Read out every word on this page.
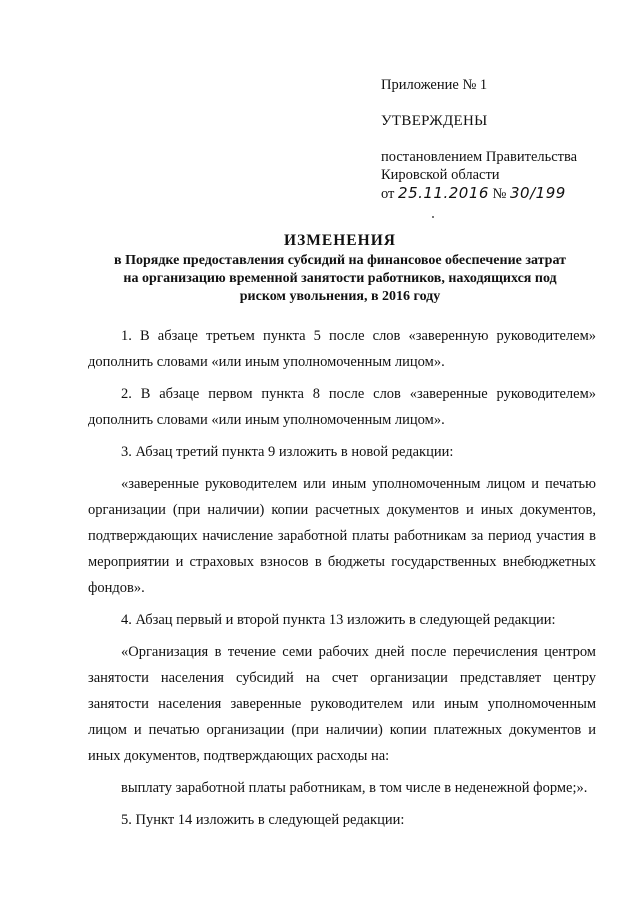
Приложение № 1

УТВЕРЖДЕНЫ

постановлением Правительства

Кировской области

от 25.11.2016 № 30/199

ИЗМЕНЕНИЯ

в Порядке предоставления субсидий на финансовое обеспечение затрат

на организацию временной занятости работников, находящихся под

риском увольнения, в 2016 году

1. В абзаце третьем пункта 5 после слов «заверенную руководителем» дополнить словами «или иным уполномоченным лицом».

2. В абзаце первом пункта 8 после слов «заверенные руководителем» дополнить словами «или иным уполномоченным лицом».

3. Абзац третий пункта 9 изложить в новой редакции:

«заверенные руководителем или иным уполномоченным лицом и печатью организации (при наличии) копии расчетных документов и иных документов, подтверждающих начисление заработной платы работникам за период участия в мероприятии и страховых взносов в бюджеты государственных внебюджетных фондов».

4. Абзац первый и второй пункта 13 изложить в следующей редакции:

«Организация в течение семи рабочих дней после перечисления центром занятости населения субсидий на счет организации представляет центру занятости населения заверенные руководителем или иным уполномоченным лицом и печатью организации (при наличии) копии платежных документов и иных документов, подтверждающих расходы на:

выплату заработной платы работникам, в том числе в неденежной форме;».

5. Пункт 14 изложить в следующей редакции:
